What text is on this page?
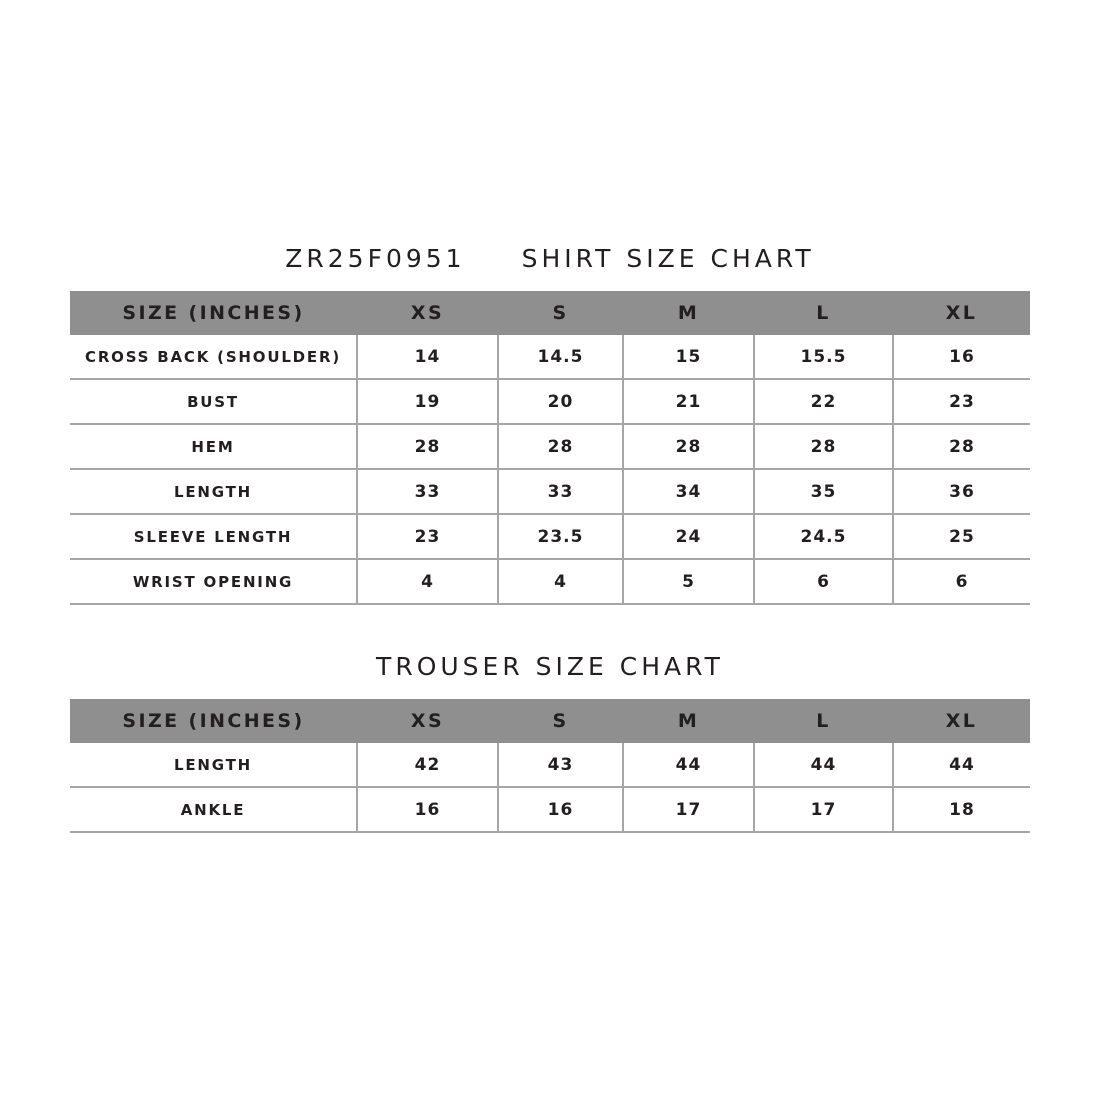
ZR25F0951 SHIRT SIZE CHART
SIZE (INCHES)	XS	S	M	L	XL
CROSS BACK (SHOULDER)	14	14.5	15	15.5	16
BUST	19	20	21	22	23
HEM	28	28	28	28	28
LENGTH	33	33	34	35	36
SLEEVE LENGTH	23	23.5	24	24.5	25
WRIST OPENING	4	4	5	6	6
TROUSER SIZE CHART
SIZE (INCHES)	XS	S	M	L	XL
LENGTH	42	43	44	44	44
ANKLE	16	16	17	17	18
